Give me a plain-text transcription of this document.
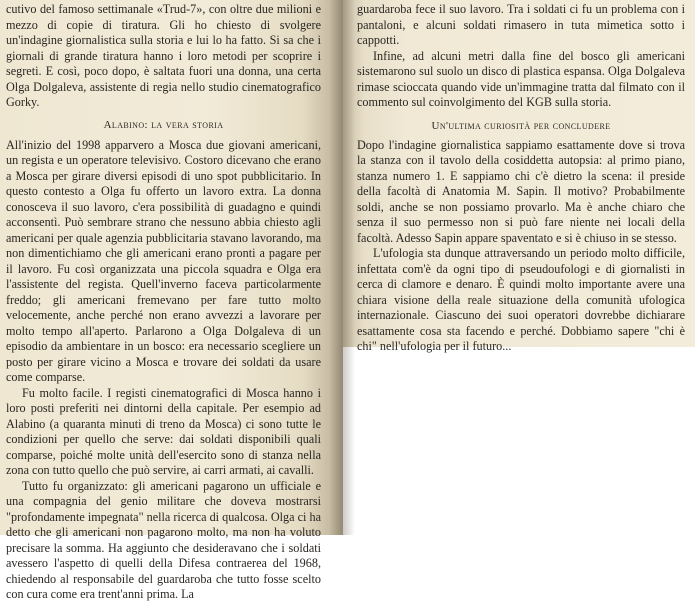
cutivo del famoso settimanale «Trud-7», con oltre due milioni e mezzo di copie di tiratura. Gli ho chiesto di svolgere un'indagine giornalistica sulla storia e lui lo ha fatto. Si sa che i giornali di grande tiratura hanno i loro metodi per scoprire i segreti. E così, poco dopo, è saltata fuori una donna, una certa Olga Dolgaleva, assistente di regia nello studio cinematografico Gorky.

Alabino: la vera storia

All'inizio del 1998 apparvero a Mosca due giovani americani, un regista e un operatore televisivo. Costoro dicevano che erano a Mosca per girare diversi episodi di uno spot pubblicitario. In questo contesto a Olga fu offerto un lavoro extra. La donna conosceva il suo lavoro, c'era possibilità di guadagno e quindi acconsentì. Può sembrare strano che nessuno abbia chiesto agli americani per quale agenzia pubblicitaria stavano lavorando, ma non dimentichiamo che gli americani erano pronti a pagare per il lavoro. Fu così organizzata una piccola squadra e Olga era l'assistente del regista. Quell'inverno faceva particolarmente freddo; gli americani fremevano per fare tutto molto velocemente, anche perché non erano avvezzi a lavorare per molto tempo all'aperto. Parlarono a Olga Dolgaleva di un episodio da ambientare in un bosco: era necessario scegliere un posto per girare vicino a Mosca e trovare dei soldati da usare come comparse.

Fu molto facile. I registi cinematografici di Mosca hanno i loro posti preferiti nei dintorni della capitale. Per esempio ad Alabino (a quaranta minuti di treno da Mosca) ci sono tutte le condizioni per quello che serve: dai soldati disponibili quali comparse, poiché molte unità dell'esercito sono di stanza nella zona con tutto quello che può servire, ai carri armati, ai cavalli.

Tutto fu organizzato: gli americani pagarono un ufficiale e una compagnia del genio militare che doveva mostrarsi "profondamente impegnata" nella ricerca di qualcosa. Olga ci ha detto che gli americani non pagarono molto, ma non ha voluto precisare la somma. Ha aggiunto che desideravano che i soldati avessero l'aspetto di quelli della Difesa contraerea del 1968, chiedendo al responsabile del guardaroba che tutto fosse scelto con cura come era trent'anni prima. La

guardaroba fece il suo lavoro. Tra i soldati ci fu un problema con i pantaloni, e alcuni soldati rimasero in tuta mimetica sotto i cappotti.

Infine, ad alcuni metri dalla fine del bosco gli americani sistemarono sul suolo un disco di plastica espansa. Olga Dolgaleva rimase scioccata quando vide un'immagine tratta dal filmato con il commento sul coinvolgimento del KGB sulla storia.

Un'ultima curiosità per concludere

Dopo l'indagine giornalistica sappiamo esattamente dove si trova la stanza con il tavolo della cosiddetta autopsia: al primo piano, stanza numero 1. E sappiamo chi c'è dietro la scena: il preside della facoltà di Anatomia M. Sapin. Il motivo? Probabilmente soldi, anche se non possiamo provarlo. Ma è anche chiaro che senza il suo permesso non si può fare niente nei locali della facoltà. Adesso Sapin appare spaventato e si è chiuso in se stesso.

L'ufologia sta dunque attraversando un periodo molto difficile, infettata com'è da ogni tipo di pseudoufologi e di giornalisti in cerca di clamore e denaro. È quindi molto importante avere una chiara visione della reale situazione della comunità ufologica internazionale. Ciascuno dei suoi operatori dovrebbe dichiarare esattamente cosa sta facendo e perché. Dobbiamo sapere "chi è chi" nell'ufologia per il futuro...
